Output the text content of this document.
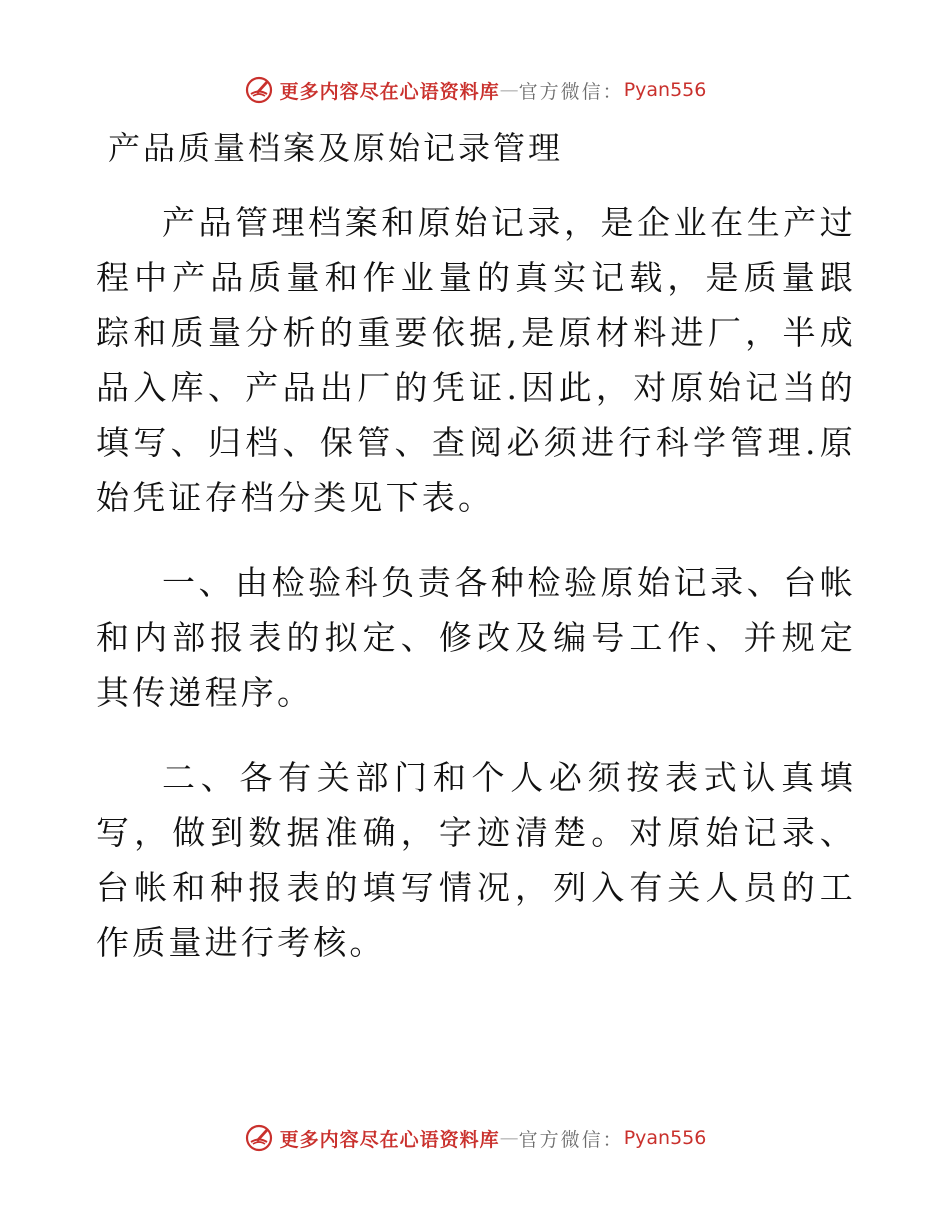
更多内容尽在心语资料库 — 官方微信： Pyan556
产品质量档案及原始记录管理

产品管理档案和原始记录，是企业在生产过程中产品质量和作业量的真实记载，是质量跟踪和质量分析的重要依据,是原材料进厂，半成品入库、产品出厂的凭证.因此，对原始记当的填写、归档、保管、查阅必须进行科学管理.原始凭证存档分类见下表。

一、由检验科负责各种检验原始记录、台帐和内部报表的拟定、修改及编号工作、并规定其传递程序。

二、各有关部门和个人必须按表式认真填写，做到数据准确，字迹清楚。对原始记录、台帐和种报表的填写情况，列入有关人员的工作质量进行考核。

更多内容尽在心语资料库 — 官方微信： Pyan556
